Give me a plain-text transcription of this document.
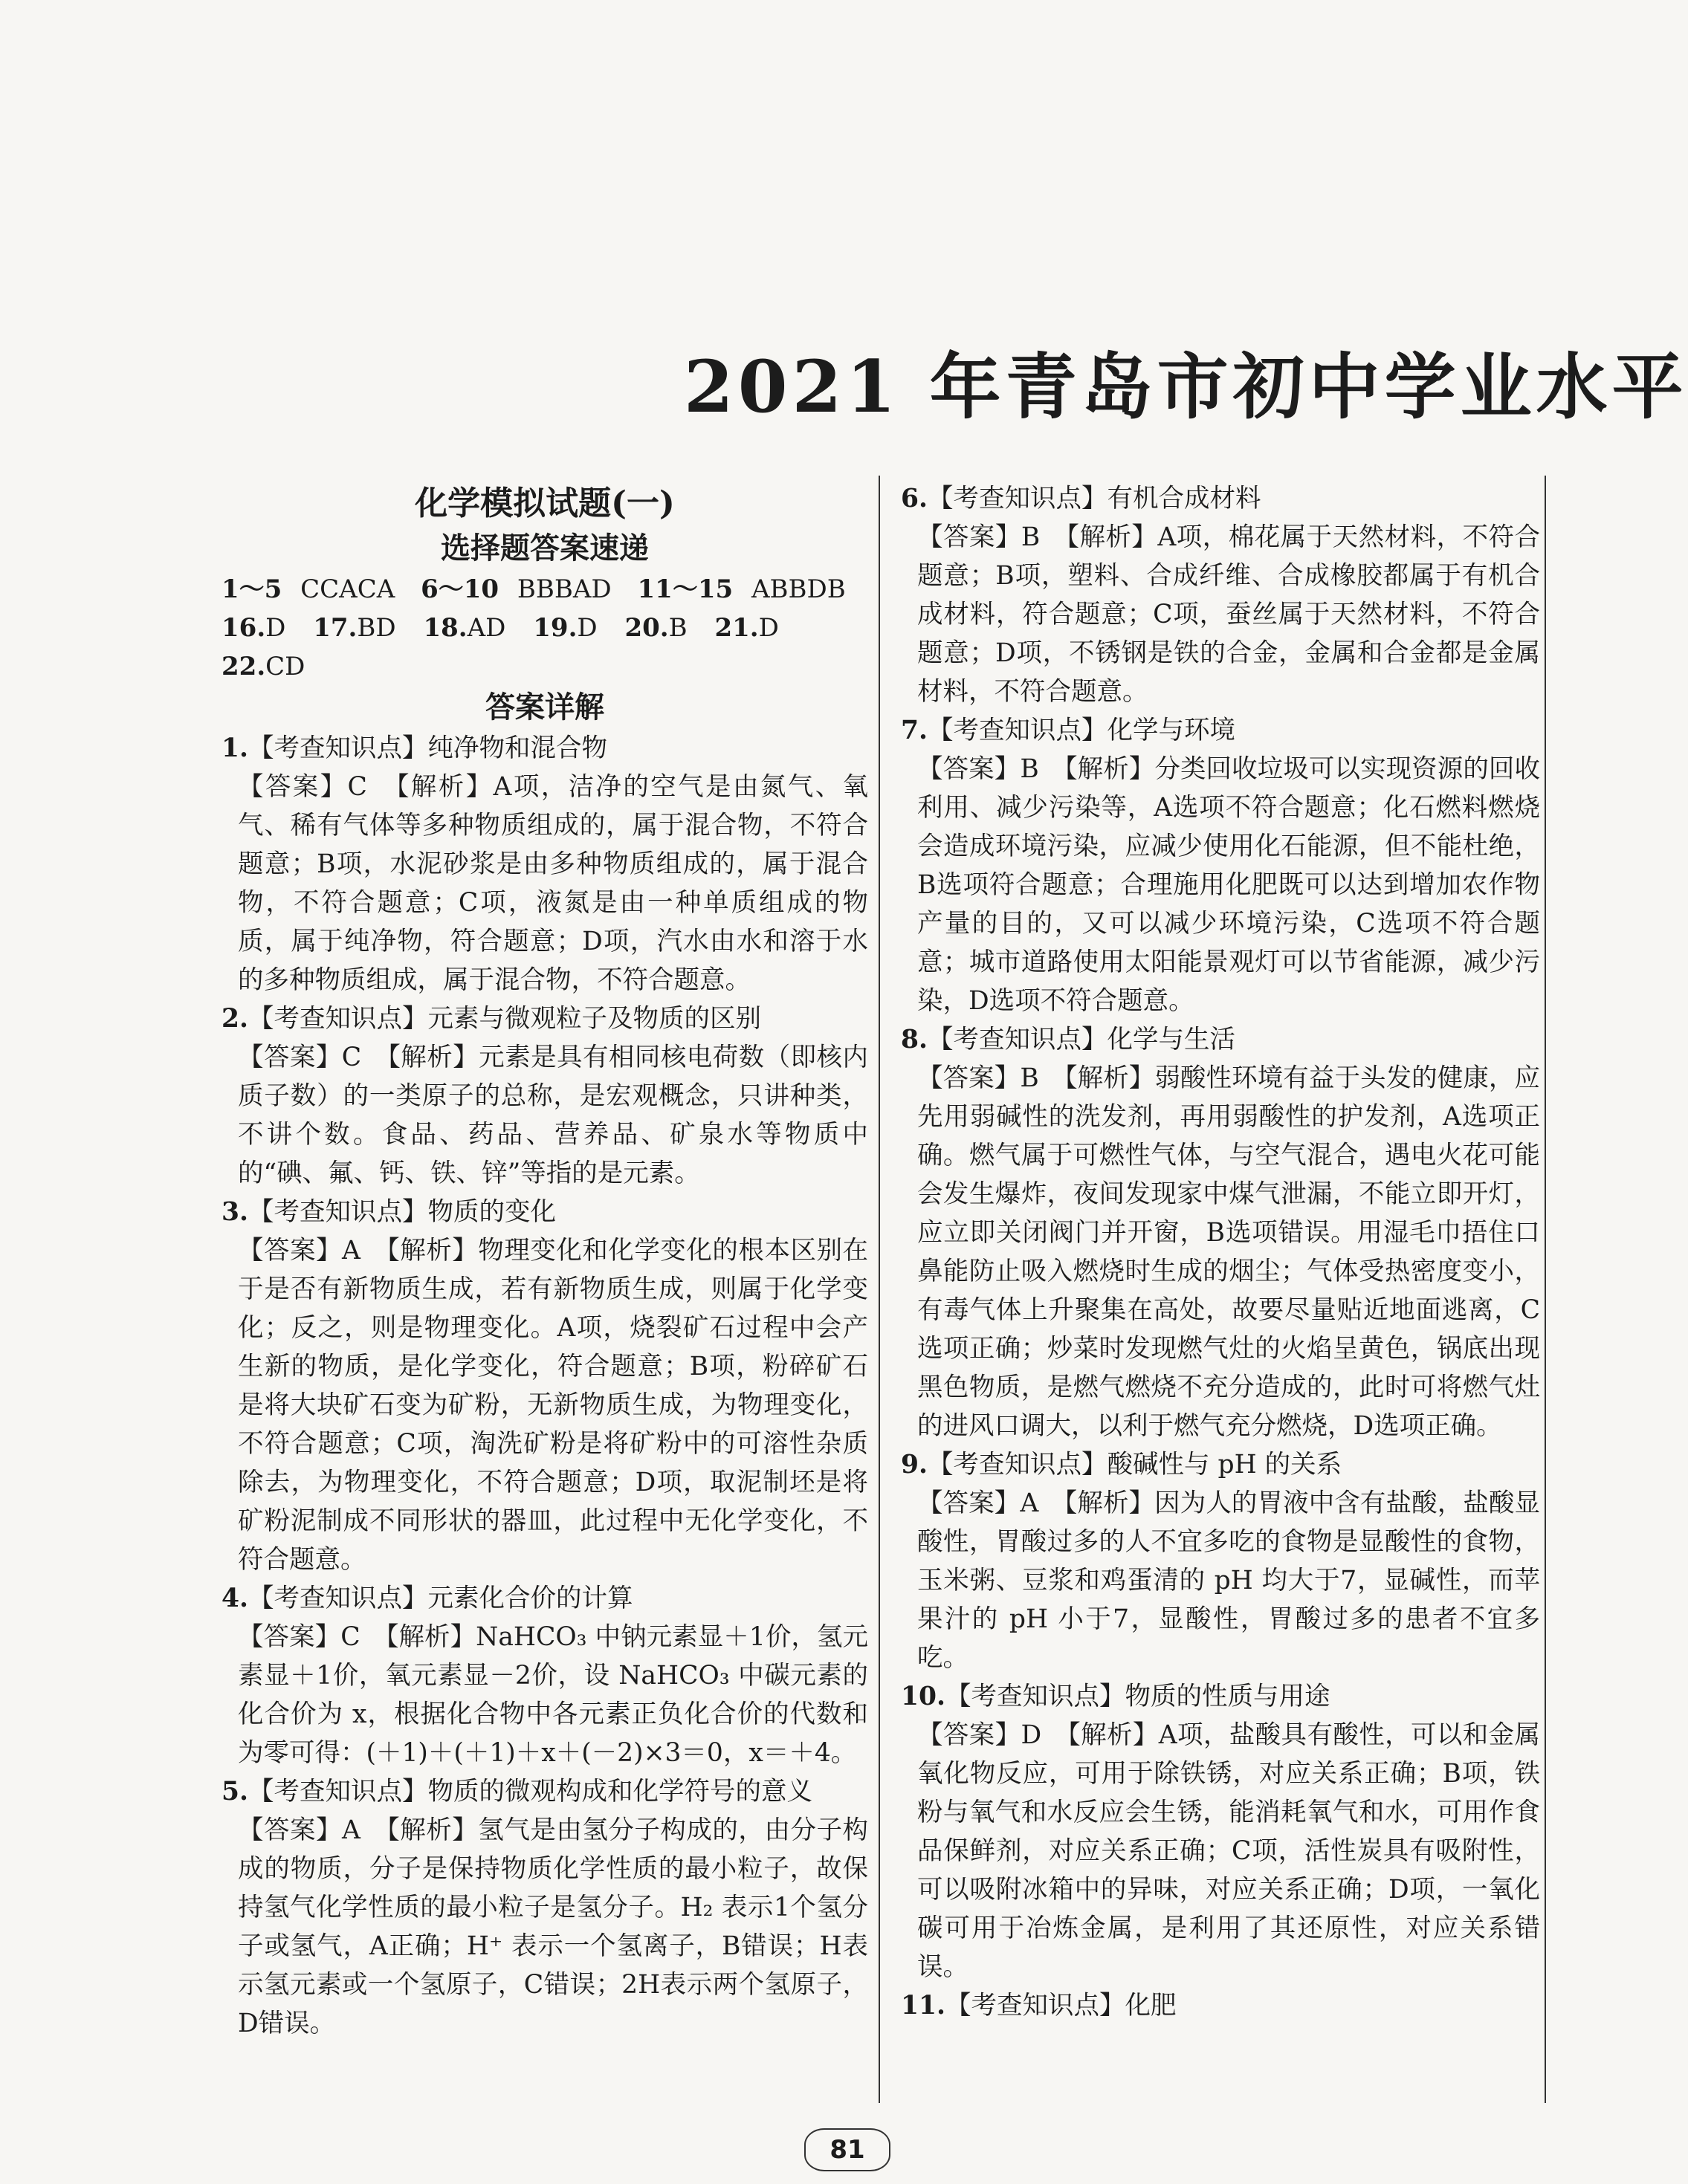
2021 年青岛市初中学业水平
化学模拟试题(一)
选择题答案速递
1～5 CCACA 6～10 BBBAD 11～15 ABBDB
16.D 17.BD 18.AD 19.D 20.B 21.D 22.CD
答案详解
1.【考查知识点】纯净物和混合物
【答案】C　【解析】A项，洁净的空气是由氮气、氧气、稀有气体等多种物质组成的，属于混合物，不符合题意；B项，水泥砂浆是由多种物质组成的，属于混合物，不符合题意；C项，液氮是由一种单质组成的物质，属于纯净物，符合题意；D项，汽水由水和溶于水的多种物质组成，属于混合物，不符合题意。
2.【考查知识点】元素与微观粒子及物质的区别
【答案】C　【解析】元素是具有相同核电荷数（即核内质子数）的一类原子的总称，是宏观概念，只讲种类，不讲个数。食品、药品、营养品、矿泉水等物质中的“碘、氟、钙、铁、锌”等指的是元素。
3.【考查知识点】物质的变化
【答案】A　【解析】物理变化和化学变化的根本区别在于是否有新物质生成，若有新物质生成，则属于化学变化；反之，则是物理变化。A项，烧裂矿石过程中会产生新的物质，是化学变化，符合题意；B项，粉碎矿石是将大块矿石变为矿粉，无新物质生成，为物理变化，不符合题意；C项，淘洗矿粉是将矿粉中的可溶性杂质除去，为物理变化，不符合题意；D项，取泥制坯是将矿粉泥制成不同形状的器皿，此过程中无化学变化，不符合题意。
4.【考查知识点】元素化合价的计算
【答案】C　【解析】NaHCO₃ 中钠元素显＋1价，氢元素显＋1价，氧元素显－2价，设 NaHCO₃ 中碳元素的化合价为 x，根据化合物中各元素正负化合价的代数和为零可得：(＋1)＋(＋1)＋x＋(－2)×3＝0，x＝＋4。
5.【考查知识点】物质的微观构成和化学符号的意义
【答案】A　【解析】氢气是由氢分子构成的，由分子构成的物质，分子是保持物质化学性质的最小粒子，故保持氢气化学性质的最小粒子是氢分子。H₂ 表示1个氢分子或氢气，A正确；H⁺ 表示一个氢离子，B错误；H表示氢元素或一个氢原子，C错误；2H表示两个氢原子，D错误。
6.【考查知识点】有机合成材料
【答案】B　【解析】A项，棉花属于天然材料，不符合题意；B项，塑料、合成纤维、合成橡胶都属于有机合成材料，符合题意；C项，蚕丝属于天然材料，不符合题意；D项，不锈钢是铁的合金，金属和合金都是金属材料，不符合题意。
7.【考查知识点】化学与环境
【答案】B　【解析】分类回收垃圾可以实现资源的回收利用、减少污染等，A选项不符合题意；化石燃料燃烧会造成环境污染，应减少使用化石能源，但不能杜绝，B选项符合题意；合理施用化肥既可以达到增加农作物产量的目的，又可以减少环境污染，C选项不符合题意；城市道路使用太阳能景观灯可以节省能源，减少污染，D选项不符合题意。
8.【考查知识点】化学与生活
【答案】B　【解析】弱酸性环境有益于头发的健康，应先用弱碱性的洗发剂，再用弱酸性的护发剂，A选项正确。燃气属于可燃性气体，与空气混合，遇电火花可能会发生爆炸，夜间发现家中煤气泄漏，不能立即开灯，应立即关闭阀门并开窗，B选项错误。用湿毛巾捂住口鼻能防止吸入燃烧时生成的烟尘；气体受热密度变小，有毒气体上升聚集在高处，故要尽量贴近地面逃离，C选项正确；炒菜时发现燃气灶的火焰呈黄色，锅底出现黑色物质，是燃气燃烧不充分造成的，此时可将燃气灶的进风口调大，以利于燃气充分燃烧，D选项正确。
9.【考查知识点】酸碱性与 pH 的关系
【答案】A　【解析】因为人的胃液中含有盐酸，盐酸显酸性，胃酸过多的人不宜多吃的食物是显酸性的食物，玉米粥、豆浆和鸡蛋清的 pH 均大于7，显碱性，而苹果汁的 pH 小于7，显酸性，胃酸过多的患者不宜多吃。
10.【考查知识点】物质的性质与用途
【答案】D　【解析】A项，盐酸具有酸性，可以和金属氧化物反应，可用于除铁锈，对应关系正确；B项，铁粉与氧气和水反应会生锈，能消耗氧气和水，可用作食品保鲜剂，对应关系正确；C项，活性炭具有吸附性，可以吸附冰箱中的异味，对应关系正确；D项，一氧化碳可用于冶炼金属，是利用了其还原性，对应关系错误。
11.【考查知识点】化肥
81
